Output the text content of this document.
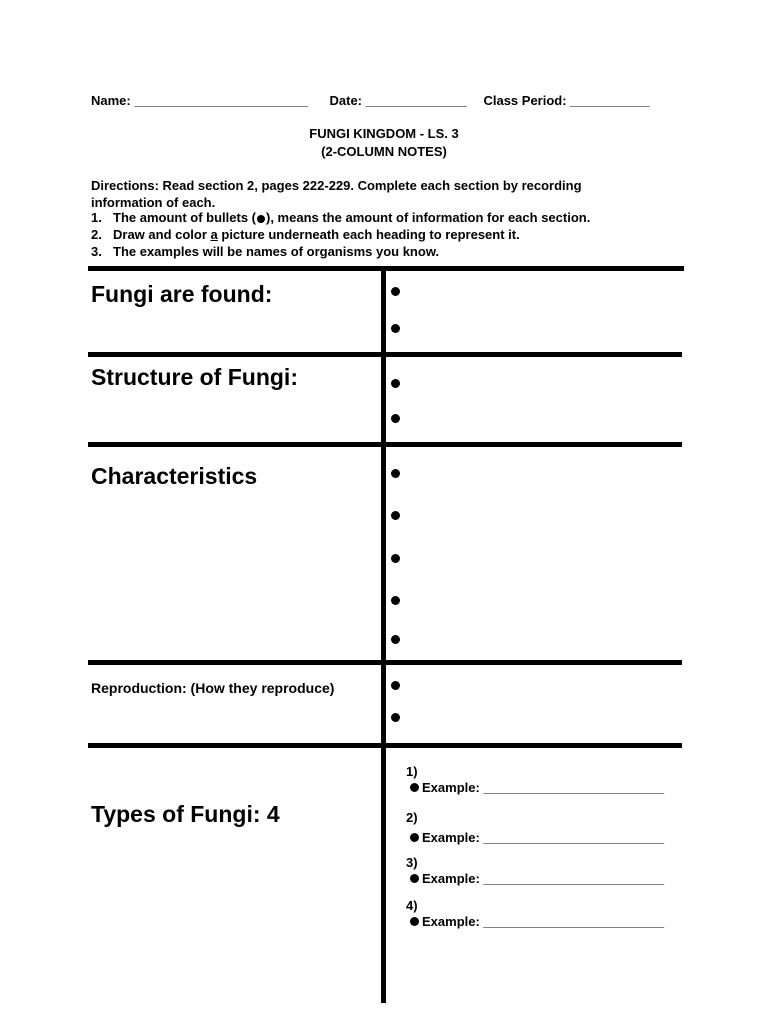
Name: ________________________ Date: ______________ Class Period: ___________
FUNGI KINGDOM - LS. 3
(2-COLUMN NOTES)
Directions: Read section 2, pages 222-229. Complete each section by recording information of each.
1. The amount of bullets ( ), means the amount of information for each section.
2. Draw and color a picture underneath each heading to represent it.
3. The examples will be names of organisms you know.
Fungi are found:
Structure of Fungi:
Characteristics
Reproduction: (How they reproduce)
Types of Fungi: 4
1)
Example: _________________________
2)
Example: _________________________
3)
Example: _________________________
4)
Example: _________________________
